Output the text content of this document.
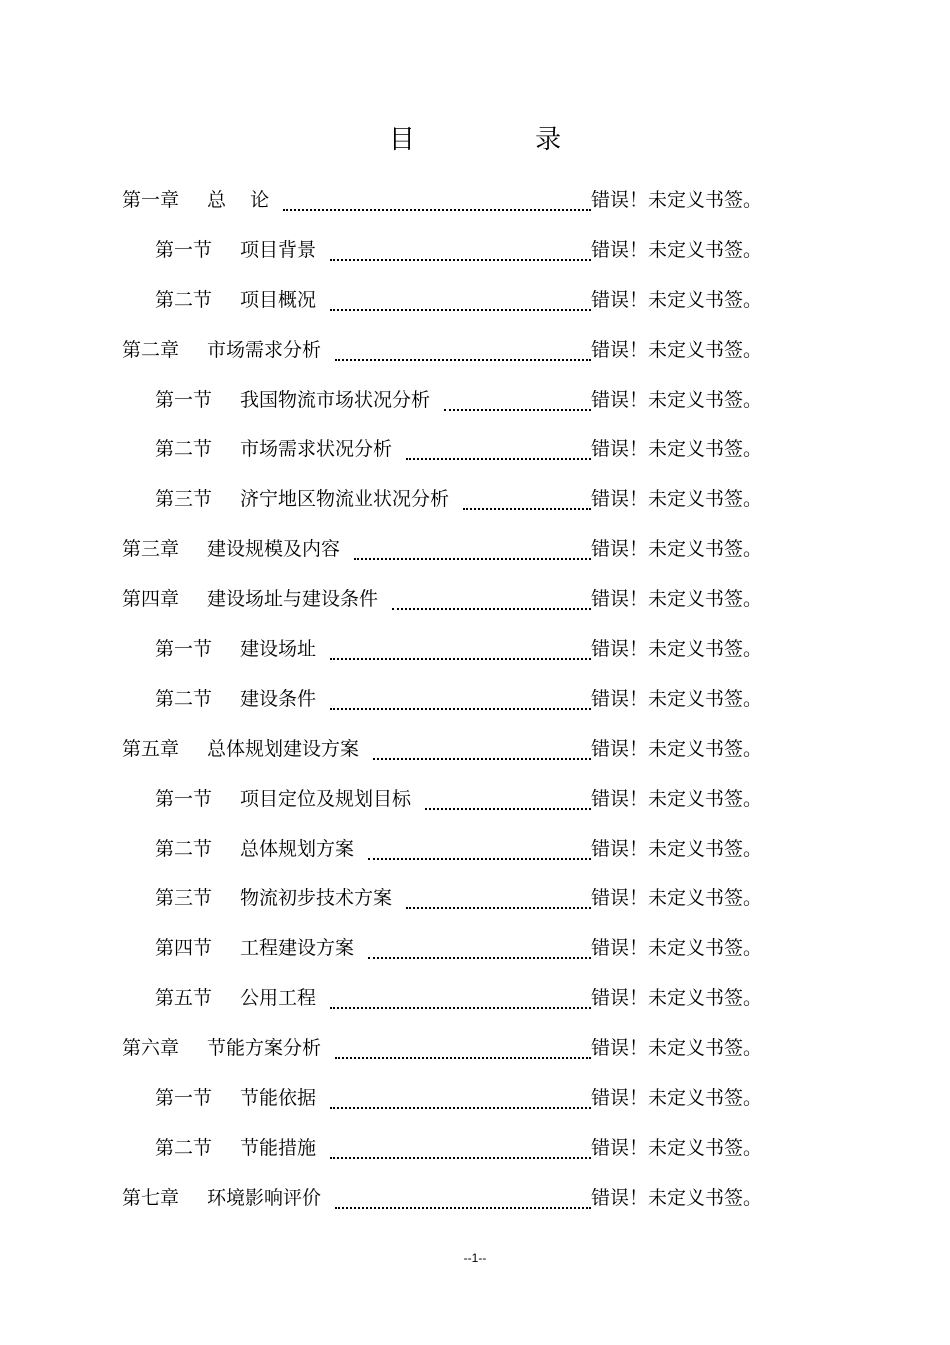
目 录
第一章 总    论	错误！未定义书签。
第一节 项目背景	错误！未定义书签。
第二节 项目概况	错误！未定义书签。
第二章 市场需求分析	错误！未定义书签。
第一节 我国物流市场状况分析	错误！未定义书签。
第二节 市场需求状况分析	错误！未定义书签。
第三节 济宁地区物流业状况分析	错误！未定义书签。
第三章 建设规模及内容	错误！未定义书签。
第四章 建设场址与建设条件	错误！未定义书签。
第一节 建设场址	错误！未定义书签。
第二节 建设条件	错误！未定义书签。
第五章 总体规划建设方案	错误！未定义书签。
第一节 项目定位及规划目标	错误！未定义书签。
第二节 总体规划方案	错误！未定义书签。
第三节 物流初步技术方案	错误！未定义书签。
第四节 工程建设方案	错误！未定义书签。
第五节 公用工程	错误！未定义书签。
第六章 节能方案分析	错误！未定义书签。
第一节 节能依据	错误！未定义书签。
第二节 节能措施	错误！未定义书签。
第七章 环境影响评价	错误！未定义书签。
--1--
